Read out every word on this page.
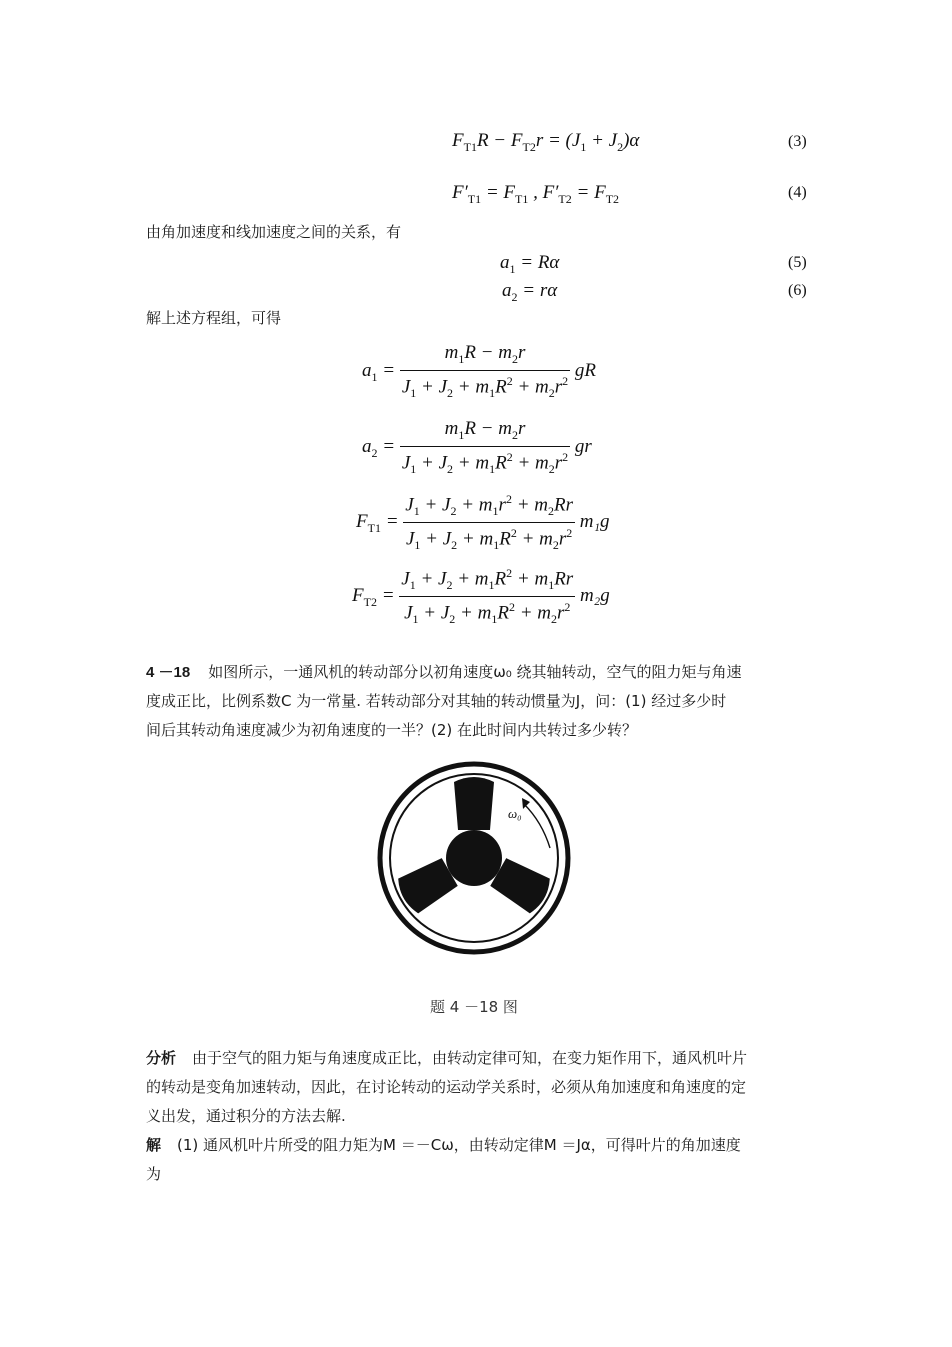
$F_{T1}R - F_{T2}r = (J_1 + J_2)\alpha$	(3)
$F'_{T1} = F_{T1}$ , $F'_{T2} = F_{T2}$	(4)
由角加速度和线加速度之间的关系，有
$a_1 = R\alpha$	(5)
$a_2 = r\alpha$	(6)
解上述方程组，可得
$a_1 = \frac{m_1R - m_2r}{J_1 + J_2 + m_1R^2 + m_2r^2}$ gR
$a_2 = \frac{m_1R - m_2r}{J_1 + J_2 + m_1R^2 + m_2r^2}$ gr
$F_{T1} = \frac{J_1 + J_2 + m_1r^2 + m_2Rr}{J_1 + J_2 + m_1R^2 + m_2r^2} m_1g$
$F_{T2} = \frac{J_1 + J_2 + m_1R^2 + m_1Rr}{J_1 + J_2 + m_1R^2 + m_2r^2} m_2g$
4 －18 如图所示，一通风机的转动部分以初角速度ω₀ 绕其轴转动，空气的阻力矩与角速
度成正比，比例系数C 为一常量. 若转动部分对其轴的转动惯量为J，问：(1) 经过多少时
间后其转动角速度减少为初角速度的一半？(2) 在此时间内共转过多少转？
ω₀
题 4 －18 图
分析 由于空气的阻力矩与角速度成正比，由转动定律可知，在变力矩作用下，通风机叶片
的转动是变角加速转动，因此，在讨论转动的运动学关系时，必须从角加速度和角速度的定
义出发，通过积分的方法去解.
解 (1) 通风机叶片所受的阻力矩为M ＝－Cω，由转动定律M ＝Jα，可得叶片的角加速度
为
